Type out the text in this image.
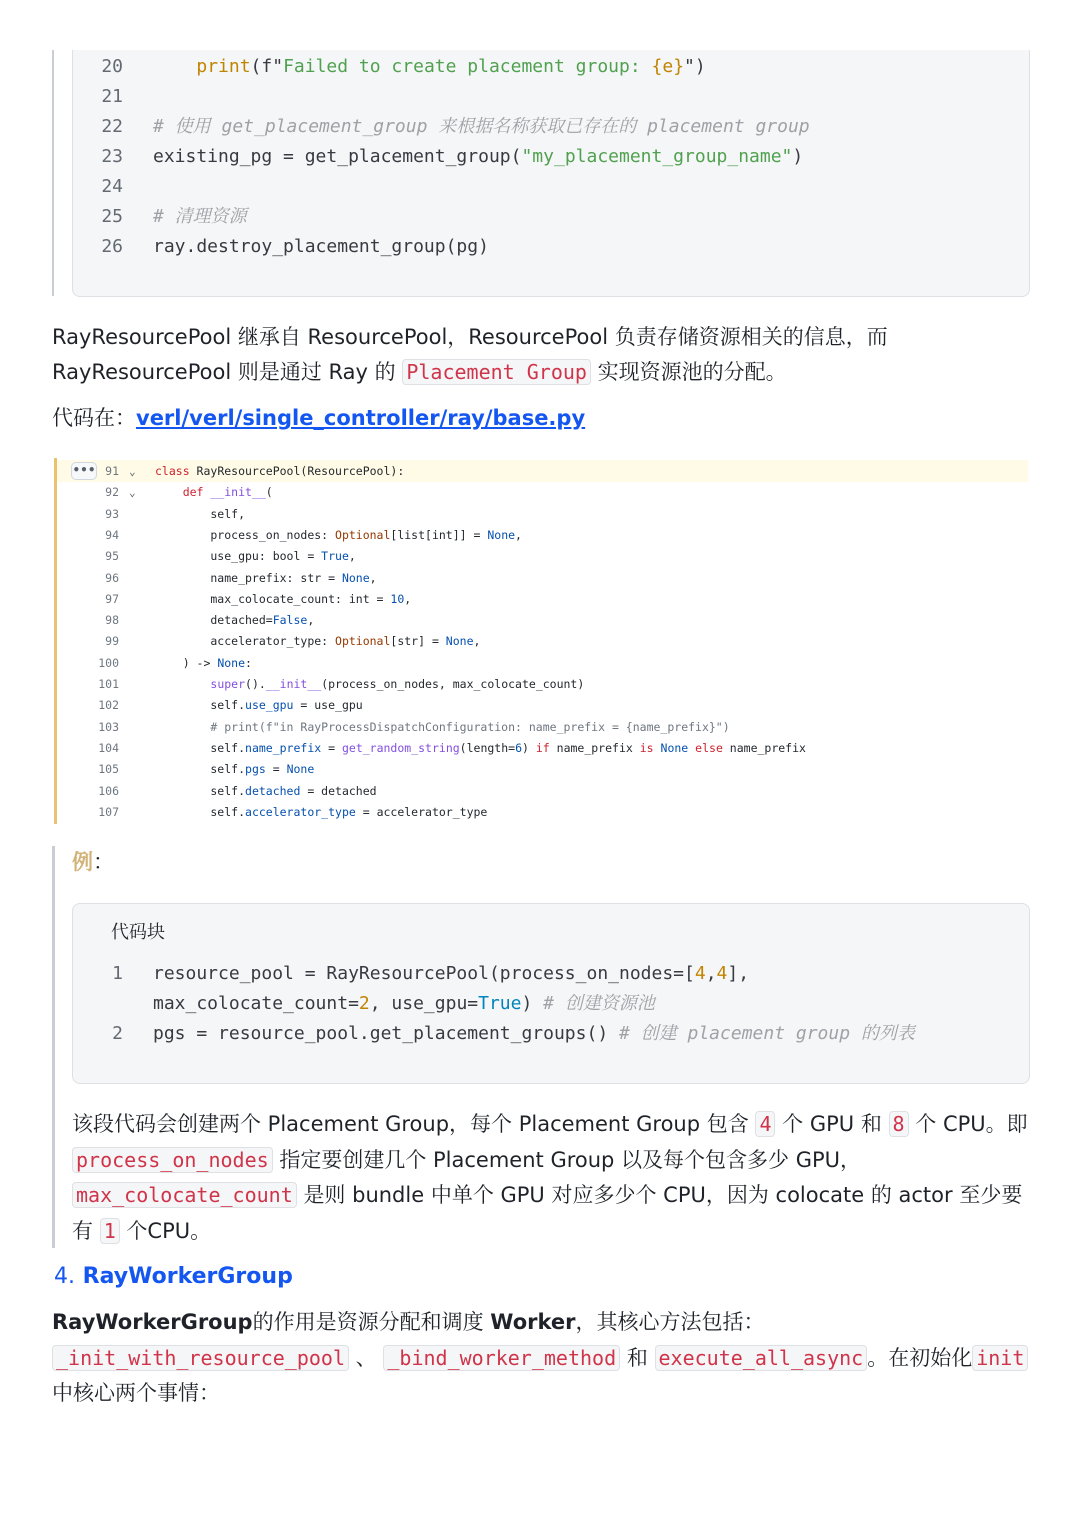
20	print(f"Failed to create placement group: {e}")
21
22 # 使用 get_placement_group 来根据名称获取已存在的 placement group
23 existing_pg = get_placement_group("my_placement_group_name")
24
25 # 清理资源
26 ray.destroy_placement_group(pg)
RayResourcePool 继承自 ResourcePool，ResourcePool 负责存储资源相关的信息，而
RayResourcePool 则是通过 Ray 的 Placement Group 实现资源池的分配。
代码在：verl/verl/single_controller/ray/base.py
••• 91 ⌄ class RayResourcePool(ResourcePool):
92 ⌄	def __init__(
93	self,
94	process_on_nodes: Optional[list[int]] = None,
95	use_gpu: bool = True,
96	name_prefix: str = None,
97	max_colocate_count: int = 10,
98	detached=False,
99	accelerator_type: Optional[str] = None,
100	) -> None:
101	super().__init__(process_on_nodes, max_colocate_count)
102	self.use_gpu = use_gpu
103	# print(f"in RayProcessDispatchConfiguration: name_prefix = {name_prefix}")
104	self.name_prefix = get_random_string(length=6) if name_prefix is None else name_prefix
105	self.pgs = None
106	self.detached = detached
107	self.accelerator_type = accelerator_type
例：
代码块
1 resource_pool = RayResourcePool(process_on_nodes=[4,4],
max_colocate_count=2, use_gpu=True) # 创建资源池
2 pgs = resource_pool.get_placement_groups() # 创建 placement group 的列表
该段代码会创建两个 Placement Group，每个 Placement Group 包含 4 个 GPU 和 8 个 CPU。即 process_on_nodes 指定要创建几个 Placement Group 以及每个包含多少 GPU， max_colocate_count 是则 bundle 中单个 GPU 对应多少个 CPU，因为 colocate 的 actor 至少要有 1 个CPU。
4. RayWorkerGroup
RayWorkerGroup的作用是资源分配和调度 Worker，其核心方法包括：
_init_with_resource_pool 、 _bind_worker_method 和 execute_all_async 。在初始化 init 中核心两个事情：
